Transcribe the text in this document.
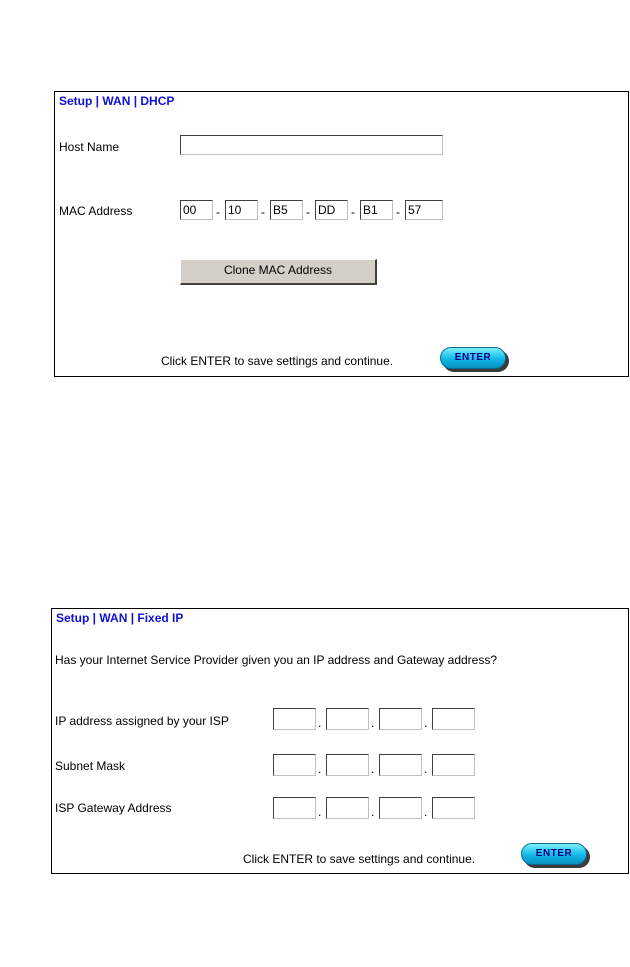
Setup | WAN | DHCP
Host Name
MAC Address	00	- 10	- B5	- DD	- B1	- 57
Clone MAC Address
Click ENTER to save settings and continue.	ENTER
Setup | WAN | Fixed IP
Has your Internet Service Provider given you an IP address and Gateway address?
IP address assigned by your ISP	.	.	.
Subnet Mask	.	.	.
ISP Gateway Address	.	.	.
Click ENTER to save settings and continue.	ENTER
